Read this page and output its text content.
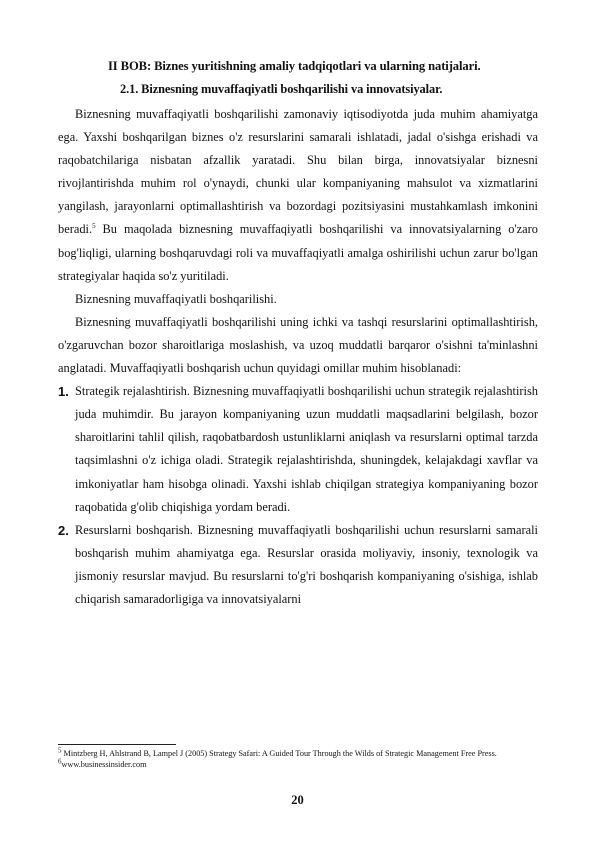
II BOB: Biznes yuritishning amaliy tadqiqotlari va ularning natijalari.
2.1. Biznesning muvaffaqiyatli boshqarilishi va innovatsiyalar.

Biznesning muvaffaqiyatli boshqarilishi zamonaviy iqtisodiyotda juda muhim ahamiyatga ega. Yaxshi boshqarilgan biznes o'z resurslarini samarali ishlatadi, jadal o'sishga erishadi va raqobatchilariga nisbatan afzallik yaratadi. Shu bilan birga, innovatsiyalar biznesni rivojlantirishda muhim rol o'ynaydi, chunki ular kompaniyaning mahsulot va xizmatlarini yangilash, jarayonlarni optimallashtirish va bozordagi pozitsiyasini mustahkamlash imkonini beradi.$^5$ Bu maqolada biznesning muvaffaqiyatli boshqarilishi va innovatsiyalarning o'zaro bog'liqligi, ularning boshqaruvdagi roli va muvaffaqiyatli amalga oshirilishi uchun zarur bo'lgan strategiyalar haqida so'z yuritiladi.

Biznesning muvaffaqiyatli boshqarilishi.

Biznesning muvaffaqiyatli boshqarilishi uning ichki va tashqi resurslarini optimallashtirish, o'zgaruvchan bozor sharoitlariga moslashish, va uzoq muddatli barqaror o'sishni ta'minlashni anglatadi. Muvaffaqiyatli boshqarish uchun quyidagi omillar muhim hisoblanadi:

1. Strategik rejalashtirish. Biznesning muvaffaqiyatli boshqarilishi uchun strategik rejalashtirish juda muhimdir. Bu jarayon kompaniyaning uzun muddatli maqsadlarini belgilash, bozor sharoitlarini tahlil qilish, raqobatbardosh ustunliklarni aniqlash va resurslarni optimal tarzda taqsimlashni o'z ichiga oladi. Strategik rejalashtirishda, shuningdek, kelajakdagi xavflar va imkoniyatlar ham hisobga olinadi. Yaxshi ishlab chiqilgan strategiya kompaniyaning bozor raqobatida g'olib chiqishiga yordam beradi.
2. Resurslarni boshqarish. Biznesning muvaffaqiyatli boshqarilishi uchun resurslarni samarali boshqarish muhim ahamiyatga ega. Resurslar orasida moliyaviy, insoniy, texnologik va jismoniy resurslar mavjud. Bu resurslarni to'g'ri boshqarish kompaniyaning o'sishiga, ishlab chiqarish samaradorligiga va innovatsiyalarni
$^5$ Mintzberg H, Ahlstrand B, Lampel J (2005) Strategy Safari: A Guided Tour Through the Wilds of Strategic Management Free Press.
$^6$www.businessinsider.com
20
